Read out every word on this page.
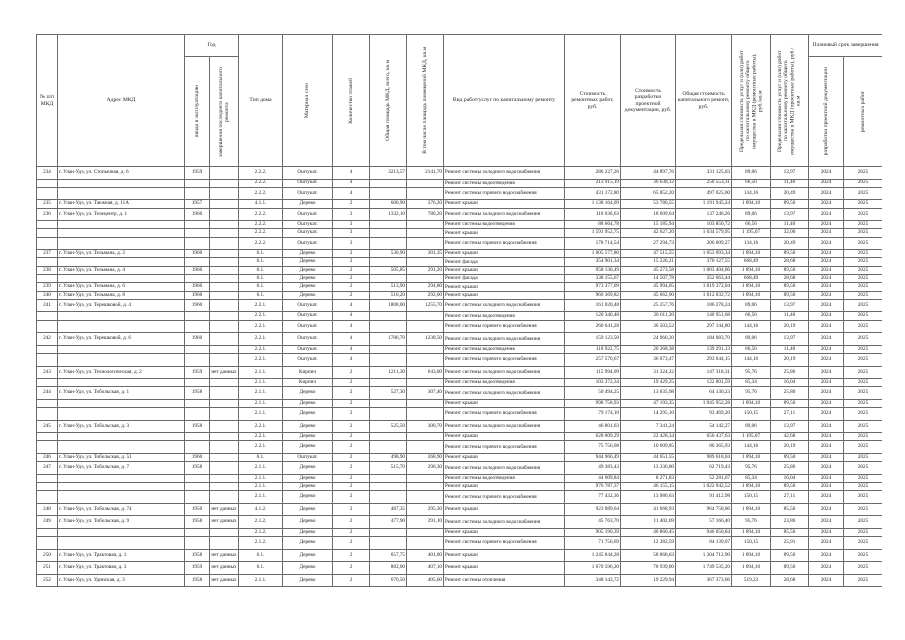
№ п/п МКД	Адрес МКД	Год		Тип дома	Материал стен	Количество этажей	Общая площадь МКД, всего, кв.м	В том числе площадь помещений МКД, кв.м	Вид работ/услуг по капитальному ремонту	Стоимость ремонтных работ, руб.	Стоимость разработки проектной документации, руб.	Общая стоимость капитального ремонт, руб.	Предельная стоимость услуг и (или) работ по капитальному ремонту общего имущества в МКД (ремонтные работы), руб./кв.м	Предельная стоимость услуг и (или) работ по капитальному ремонту общего имущества в МКД (проектные работы), руб./кв.м	Плановый срок завершения	

		ввода в эксплуатацию	завершения последнего капитального ремонта												разработки проектной документации	ремонтных работ

234	г. Улан-Удэ, ул. Стопычная, д. 6	1959		2.2.2.	Оштукат.	4	3213,57	2141,70	Ремонт системы холодного водоснабжения	286 227,26	44 897,76	331 125,03	89,06	13,97	2024	2025
				2.2.2.	Оштукат.	4			Ремонт системы водоотведения	213 915,19	36 638,12	250 553,31	66,56	11,40	2024	2025
				2.2.2.	Оштукат.	4			Ремонт системы горячего водоснабжения	431 172,80	65 852,20	497 025,00	134,16	20,49	2024	2025
235	г. Улан-Удэ, ул. Таежная, д. 11А	1957		4.1.1.	Дерево	2	600,90	376,20	Ремонт крыши	1 138 164,09	53 780,55	1 191 945,24	1 894,10	89,50	2024	2025
236	г. Улан-Удэ, ул. Телецентр, д. 1	1960		2.2.2.	Оштукат.	3	1332,10	780,20	Ремонт системы холодного водоснабжения	118 636,63	18 609,64	137 246,26	89,06	13,97	2024	2025
				2.2.2.	Оштукат.	3			Ремонт системы водоотведения	88 664,78	15 185,94	103 850,72	66,56	11,40	2024	2025
				2.2.2.	Оштукат.	3			Ремонт крыши	1 591 952,75	42 627,20	1 634 579,95	1 195,07	32,00	2024	2025
				2.2.2.	Оштукат.	3			Ремонт системы горячего водоснабжения	178 714,54	27 294,73	206 009,27	134,16	20,49	2024	2025
237	г. Улан-Удэ, ул. Тельмана, д. 2	1960		6.1.	Дерево	2	530,90	301,35	Ремонт крыши	1 005 577,80	47 515,55	1 053 093,34	1 894,10	89,50	2024	2025
				6.1.	Дерево	2			Ремонт фасада	354 901,34	15 226,21	370 127,55	668,49	28,68	2024	2025
238	г. Улан-Удэ, ул. Тельмана, д. 4	1960		6.1.	Дерево	2	505,85	291,20	Ремонт крыши	958 130,49	45 273,58	1 003 404,06	1 894,10	89,50	2024	2025
				6.1.	Дерево	2			Ремонт фасада	338 155,67	14 507,78	352 663,44	668,49	28,68	2024	2025
239	г. Улан-Удэ, ул. Тельмана, д. 6	1960		6.1.	Дерево	2	513,90	294,80	Ремонт крыши	973 377,09	45 994,05	1 019 372,04	1 894,10	89,50	2024	2025
240	г. Улан-Удэ, ул. Тельмана, д. 8	1960		6.1.	Дерево	2	510,20	292,60	Ремонт крыши	966 369,82	45 662,90	1 012 032,72	1 894,10	89,50	2024	2025
241	г. Улан-Удэ, ул. Терешковой, д. 4	1960		2.2.1.	Оштукат.	4	1808,00	1255,70	Ремонт системы холодного водоснабжения	161 020,48	25 257,76	186 278,24	89,06	13,97	2024	2025
				2.2.1.	Оштукат.	4			Ремонт системы водоотведения	120 340,48	20 611,20	140 951,68	66,56	11,40	2024	2025
				2.2.1.	Оштукат.	4			Ремонт системы горячего водоснабжения	260 641,28	36 503,52	297 144,80	144,16	20,19	2024	2025
242	г. Улан-Удэ, ул. Терешковой, д. 6	1960		2.2.1.	Оштукат.	4	1786,70	1238,50	Ремонт системы холодного водоснабжения	159 123,50	24 960,20	184 083,70	89,06	13,97	2024	2025
				2.2.1.	Оштукат.	4			Ремонт системы водоотведения	118 922,75	20 368,38	139 291,13	66,56	11,40	2024	2025
				2.2.1.	Оштукат.	4			Ремонт системы горячего водоснабжения	257 570,67	36 073,47	293 644,15	144,16	20,19	2024	2025
243	г. Улан-Удэ, ул. Технологическая, д. 2	1959	нет данных	2.1.1.	Кирпич	2	1211,30	643,00	Ремонт системы холодного водоснабжения	115 994,09	31 324,22	147 318,31	95,76	25,86	2024	2025
				2.1.1.	Кирпич	2			Ремонт системы водоотведения	103 372,34	19 429,25	122 801,59	85,34	16,04	2024	2025
244	г. Улан-Удэ, ул. Тобольская, д. 1	1958		2.1.1.	Дерево	2	527,30	307,40	Ремонт системы холодного водоснабжения	50 494,25	13 635,98	64 130,23	95,76	25,86	2024	2025
				2.1.1.	Дерево	2			Ремонт крыши	998 758,93	47 193,35	1 045 952,28	1 894,10	89,50	2024	2025
				2.1.1.	Дерево	2			Ремонт системы горячего водоснабжения	79 174,10	14 295,10	93 469,20	150,15	27,11	2024	2025
245	г. Улан-Удэ, ул. Тобольская, д. 3	1958		2.2.1.	Дерево	2	525,50	300,70	Ремонт системы холодного водоснабжения	46 801,03	7 341,24	54 142,27	89,06	13,97	2024	2025
				2.2.1.	Дерево	2			Ремонт крыши	628 009,29	22 428,34	650 437,63	1 195,07	42,68	2024	2025
				2.2.1.	Дерево	2			Ремонт системы горячего водоснабжения	75 756,08	10 609,85	86 365,93	144,16	20,19	2024	2025
246	г. Улан-Удэ, ул. Тобольская, д. 51	1960		6.1.	Оштукат.	2	498,90	268,90	Ремонт крыши	944 966,49	44 651,55	989 618,04	1 894,10	89,50	2024	2025
247	г. Улан-Удэ, ул. Тобольская, д. 7	1958		2.1.1.	Дерево	2	515,70	296,30	Ремонт системы холодного водоснабжения	49 383,43	13 336,00	62 719,43	95,76	25,86	2024	2025
				2.1.1.	Дерево	2			Ремонт системы водоотведения	44 009,84	8 271,83	52 281,67	85,34	16,04	2024	2025
				2.1.1.	Дерево	2			Ремонт крыши	976 787,37	46 155,15	1 022 942,52	1 894,10	89,50	2024	2025
				2.1.1.	Дерево	2			Ремонт системы горячего водоснабжения	77 432,36	13 980,63	91 412,98	150,15	27,11	2024	2025
248	г. Улан-Удэ, ул. Тобольская, д. 74	1950	нет данных	4.1.2.	Дерево	2	487,35	295,30	Ремонт крыши	923 089,64	41 668,93	964 758,06	1 894,10	85,50	2024	2025
249	г. Улан-Удэ, ул. Тобольская, д. 9	1958	нет данных	2.1.2.	Дерево	2	477,90	291,10	Ремонт системы холодного водоснабжения	45 763,70	11 402,69	57 166,40	95,76	23,86	2024	2025
				2.1.2.	Дерево	2			Ремонт крыши	905 190,39	40 860,45	946 050,84	1 894,10	85,50	2024	2025
				2.1.2.	Дерево	2			Ремонт системы горячего водоснабжения	71 756,69	12 382,59	84 139,07	150,15	25,91	2024	2025
250	г. Улан-Удэ, ул. Трактовая, д. 1	1958	нет данных	6.1.	Дерево	2	657,75	401,00	Ремонт крыши	1 245 844,28	58 868,63	1 304 712,90	1 894,10	89,50	2024	2025
251	г. Улан-Удэ, ул. Трактовая, д. 3	1959	нет данных	6.1.	Дерево	2	882,00	407,10	Ремонт крыши	1 670 596,20	78 939,00	1 749 535,20	1 894,10	89,50	2024	2025
252	г. Улан-Удэ, ул. Удинская, д. 3	1958	нет данных	2.1.1.	Дерево	2	670,50	405,60	Ремонт системы отопления	348 143,72	19 229,94	367 373,66	519,23	28,68	2024	2025
